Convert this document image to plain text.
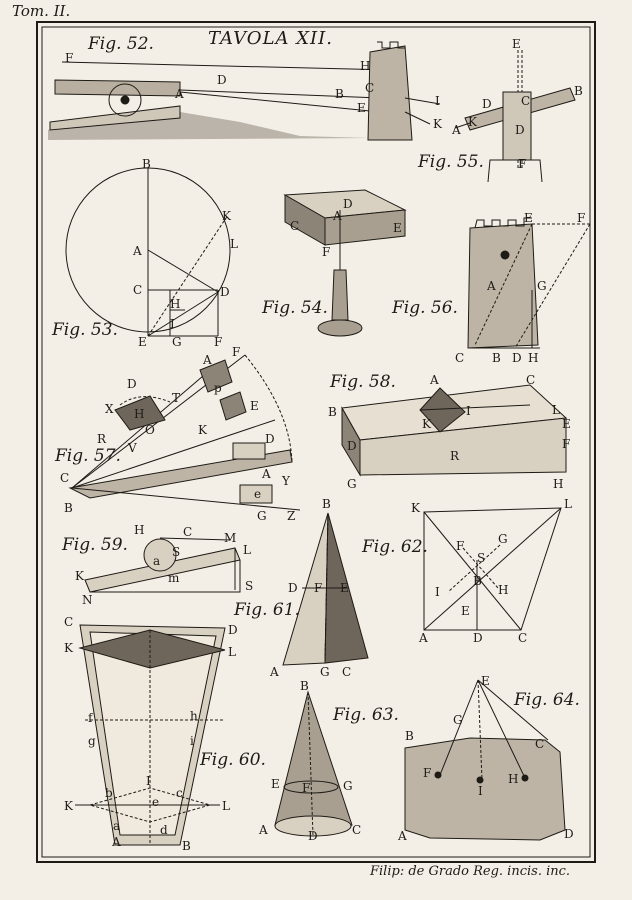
Tom. II.
TAVOLA XII.
F
H
D
A	C
B
E	I
K
E
D
B
A
K
D
C
F
B
K
L
A
C	D
H
I
E G	F
D
A
C	E
F
E	F
A	G
C B D H
D
A
F
X
T
p
R
E
K
V
O
D
C	A Y
B
G Z
e
H
A	C
B	I	L
K	E
D	F
R
G	H
H	C	M
S	L
K
a
m
N
S
C
D
K	L
f	h
g	i
I
K
b	c
L
e
a	d
A	B
B
D F E
A	G C
K	L
F	G
S
B
H
I
E
A	D	C
B
E F	G
A	D	C
E
G
B
C
F
I
H
A	D
Fig. 52.
Fig. 55.
Fig. 53.
Fig. 54.	Fig. 56.
Fig. 57.
Fig. 58.
Fig. 59.
Fig. 60.
Fig. 61.
Fig. 62.
Fig. 63.
Fig. 64.
Filip: de Grado Reg. incis. inc.
